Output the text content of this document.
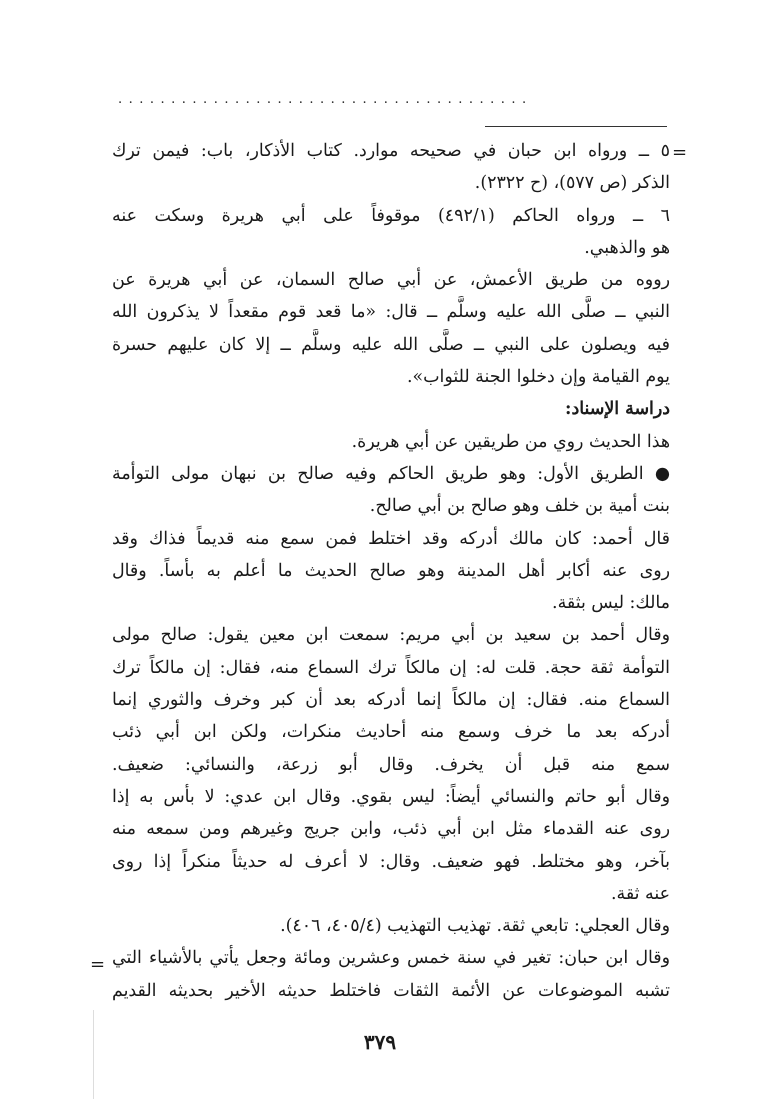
.......................................
=
٥ ــ ورواه ابن حبان في صحيحه موارد. كتاب الأذكار، باب: فيمن ترك
الذكر (ص ٥٧٧)، (ح ٢٣٢٢).
٦ ــ ورواه الحاكم (٤٩٢/١) موقوفاً على أبي هريرة وسكت عنه
هو والذهبي.
رووه من طريق الأعمش، عن أبي صالح السمان، عن أبي هريرة عن
النبي ــ صلَّى الله عليه وسلَّم ــ قال: «ما قعد قوم مقعداً لا يذكرون الله
فيه ويصلون على النبي ــ صلَّى الله عليه وسلَّم ــ إلا كان عليهم حسرة
يوم القيامة وإن دخلوا الجنة للثواب».
دراسة الإسناد:
هذا الحديث روي من طريقين عن أبي هريرة.
● الطريق الأول: وهو طريق الحاكم وفيه صالح بن نبهان مولى التوأمة
بنت أمية بن خلف وهو صالح بن أبي صالح.
قال أحمد: كان مالك أدركه وقد اختلط فمن سمع منه قديماً فذاك وقد
روى عنه أكابر أهل المدينة وهو صالح الحديث ما أعلم به بأساً. وقال
مالك: ليس بثقة.
وقال أحمد بن سعيد بن أبي مريم: سمعت ابن معين يقول: صالح مولى
التوأمة ثقة حجة. قلت له: إن مالكاً ترك السماع منه، فقال: إن مالكاً ترك
السماع منه. فقال: إن مالكاً إنما أدركه بعد أن كبر وخرف والثوري إنما
أدركه بعد ما خرف وسمع منه أحاديث منكرات، ولكن ابن أبي ذئب
سمع منه قبل أن يخرف. وقال أبو زرعة، والنسائي: ضعيف.
وقال أبو حاتم والنسائي أيضاً: ليس بقوي. وقال ابن عدي: لا بأس به إذا
روى عنه القدماء مثل ابن أبي ذئب، وابن جريج وغيرهم ومن سمعه منه
بآخر، وهو مختلط. فهو ضعيف. وقال: لا أعرف له حديثاً منكراً إذا روى
عنه ثقة.
وقال العجلي: تابعي ثقة. تهذيب التهذيب (٤٠٥/٤، ٤٠٦).
وقال ابن حبان: تغير في سنة خمس وعشرين ومائة وجعل يأتي بالأشياء التي
تشبه الموضوعات عن الأئمة الثقات فاختلط حديثه الأخير بحديثه القديم
=
٣٧٩
